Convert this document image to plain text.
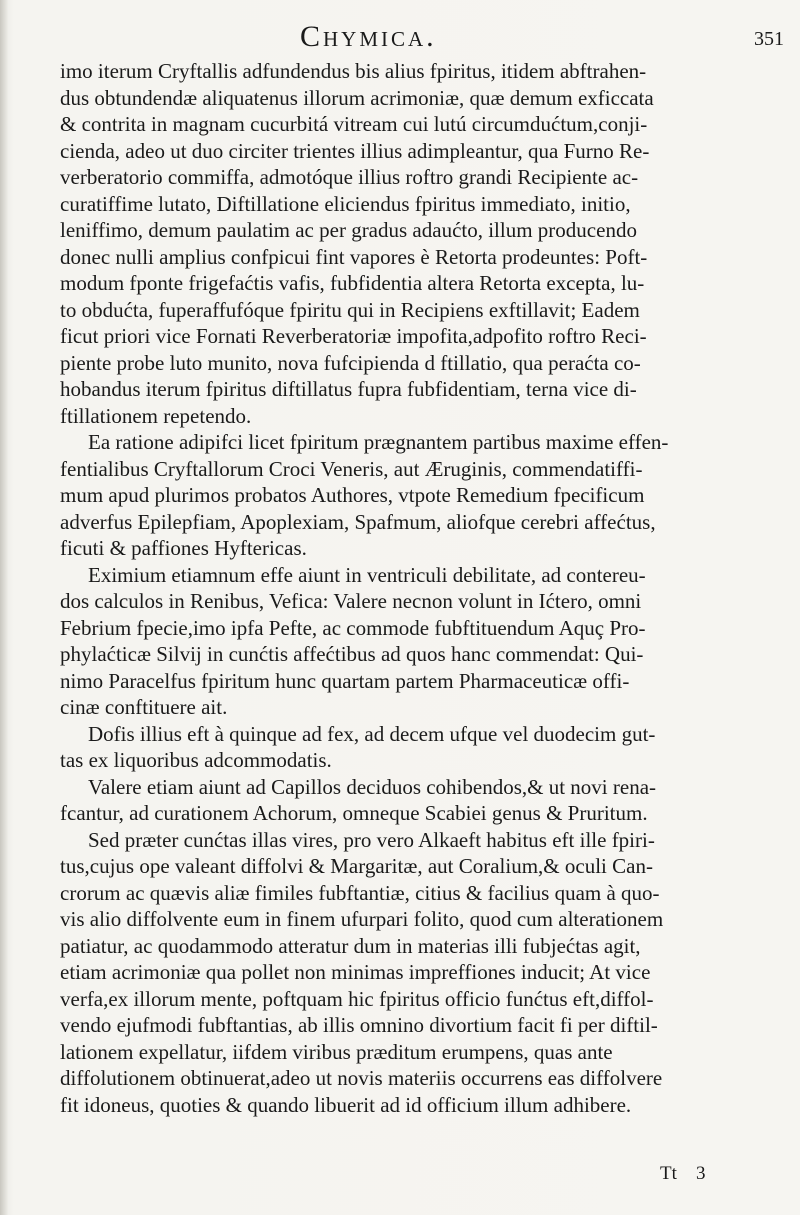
Chymica.	351
imo iterum Cryftallis adfundendus bis alius fpiritus, itidem abftrahen-
dus obtundendæ aliquatenus illorum acrimoniæ, quæ demum exficcata
& contrita in magnam cucurbitá vitream cui lutú circumdućtum,conji-
cienda, adeo ut duo circiter trientes illius adimpleantur, qua Furno Re-
verberatorio commiffa, admotóque illius roftro grandi Recipiente ac-
curatiffime lutato, Diftillatione eliciendus fpiritus immediato, initio,
leniffimo, demum paulatim ac per gradus adaućto, illum producendo
donec nulli amplius confpicui fint vapores è Retorta prodeuntes: Poft-
modum fponte frigefaćtis vafis, fubfidentia altera Retorta excepta, lu-
to obdućta, fuperaffufóque fpiritu qui in Recipiens exftillavit; Eadem
ficut priori vice Fornati Reverberatoriæ impofita,adpofito roftro Reci-
piente probe luto munito, nova fufcipienda d ftillatio, qua peraćta co-
hobandus iterum fpiritus diftillatus fupra fubfidentiam, terna vice di-
ftillationem repetendo.
Ea ratione adipifci licet fpiritum prægnantem partibus maxime effen-
fentialibus Cryftallorum Croci Veneris, aut Æruginis, commendatiffi-
mum apud plurimos probatos Authores, vtpote Remedium fpecificum
adverfus Epilepfiam, Apoplexiam, Spafmum, aliofque cerebri affećtus,
ficuti & paffiones Hyftericas.
Eximium etiamnum effe aiunt in ventriculi debilitate, ad contereu-
dos calculos in Renibus, Vefica: Valere necnon volunt in Ićtero, omni
Febrium fpecie,imo ipfa Pefte, ac commode fubftituendum Aquç Pro-
phylaćticæ Silvij in cunćtis affećtibus ad quos hanc commendat: Qui-
nimo Paracelfus fpiritum hunc quartam partem Pharmaceuticæ offi-
cinæ conftituere ait.
Dofis illius eft à quinque ad fex, ad decem ufque vel duodecim gut-
tas ex liquoribus adcommodatis.
Valere etiam aiunt ad Capillos deciduos cohibendos,& ut novi rena-
fcantur, ad curationem Achorum, omneque Scabiei genus & Pruritum.
Sed præter cunćtas illas vires, pro vero Alkaeft habitus eft ille fpiri-
tus,cujus ope valeant diffolvi & Margaritæ, aut Coralium,& oculi Can-
crorum ac quævis aliæ fimiles fubftantiæ, citius & facilius quam à quo-
vis alio diffolvente eum in finem ufurpari folito, quod cum alterationem
patiatur, ac quodammodo atteratur dum in materias illi fubjećtas agit,
etiam acrimoniæ qua pollet non minimas impreffiones inducit; At vice
verfa,ex illorum mente, poftquam hic fpiritus officio funćtus eft,diffol-
vendo ejufmodi fubftantias, ab illis omnino divortium facit fi per diftil-
lationem expellatur, iifdem viribus præditum erumpens, quas ante
diffolutionem obtinuerat,adeo ut novis materiis occurrens eas diffolvere
fit idoneus, quoties & quando libuerit ad id officium illum adhibere.
Tt 3
